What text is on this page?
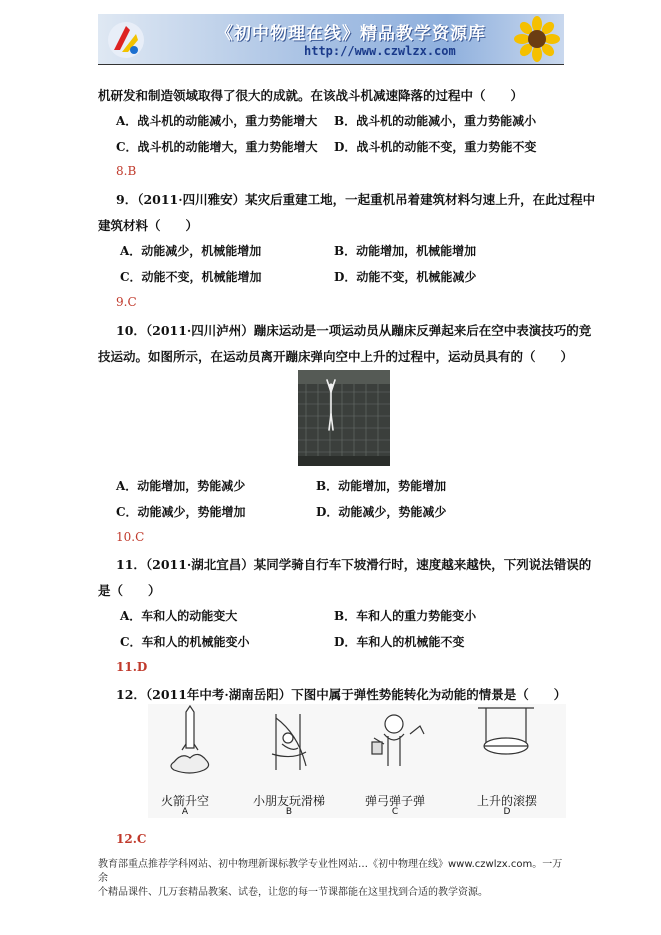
《初中物理在线》精品教学资源库
http://www.czwlzx.com
机研发和制造领域取得了很大的成就。在该战斗机减速降落的过程中（　　）
A．战斗机的动能减小，重力势能增大 B．战斗机的动能减小，重力势能减小
C．战斗机的动能增大，重力势能增大 D．战斗机的动能不变，重力势能不变
8.B
9．（2011·四川雅安）某灾后重建工地，一起重机吊着建筑材料匀速上升，在此过程中
建筑材料（　　）
A．动能减少，机械能增加	B．动能增加，机械能增加
C．动能不变，机械能增加	D．动能不变，机械能减少
9.C
10．（2011·四川泸州）蹦床运动是一项运动员从蹦床反弹起来后在空中表演技巧的竞
技运动。如图所示，在运动员离开蹦床弹向空中上升的过程中，运动员具有的（　　）
A．动能增加，势能减少	B．动能增加，势能增加
C．动能减少，势能增加	D．动能减少，势能减少
10.C
11．（2011·湖北宜昌）某同学骑自行车下坡滑行时，速度越来越快，下列说法错误的
是（　　）
A．车和人的动能变大	B．车和人的重力势能变小
C．车和人的机械能变小	D．车和人的机械能不变
11.D
12．（2011年中考·湖南岳阳）下图中属于弹性势能转化为动能的情景是（　　）
火箭升空	小朋友玩滑梯	弹弓弹子弹	上升的滚摆
A	B	C	D
12.C
教育部重点推荐学科网站、初中物理新课标教学专业性网站…《初中物理在线》www.czwlzx.com。一万余
个精品课件、几万套精品教案、试卷，让您的每一节课都能在这里找到合适的教学资源。
